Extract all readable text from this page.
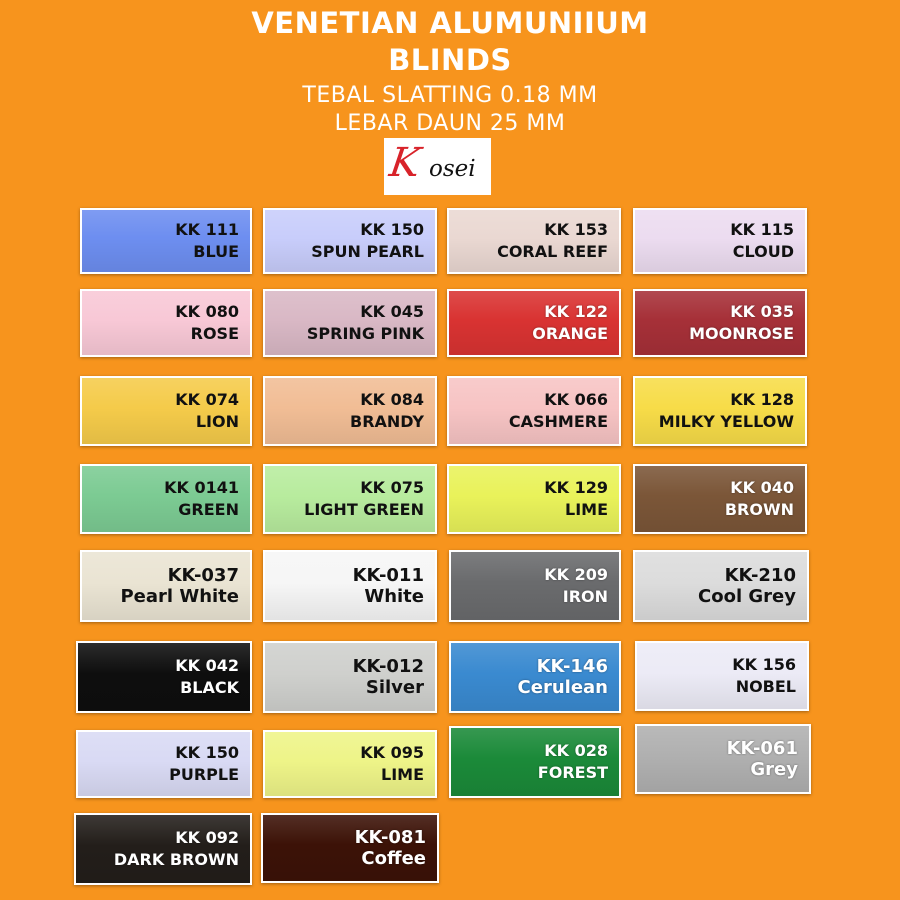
VENETIAN ALUMUNIIUM
BLINDS
TEBAL SLATTING 0.18 MM
LEBAR DAUN 25 MM
K osei
KK 111
BLUE
KK 150
SPUN PEARL
KK 153
CORAL REEF
KK 115
CLOUD
KK 080
ROSE
KK 045
SPRING PINK
KK 122
ORANGE
KK 035
MOONROSE
KK 074
LION
KK 084
BRANDY
KK 066
CASHMERE
KK 128
MILKY YELLOW
KK 0141
GREEN
KK 075
LIGHT GREEN
KK 129
LIME
KK 040
BROWN
KK-037
Pearl White
KK-011
White
KK 209
IRON
KK-210
Cool Grey
KK 042
BLACK
KK-012
Silver
KK-146
Cerulean
KK 156
NOBEL
KK 150
PURPLE
KK 095
LIME
KK 028
FOREST
KK-061
Grey
KK 092
DARK BROWN
KK-081
Coffee
